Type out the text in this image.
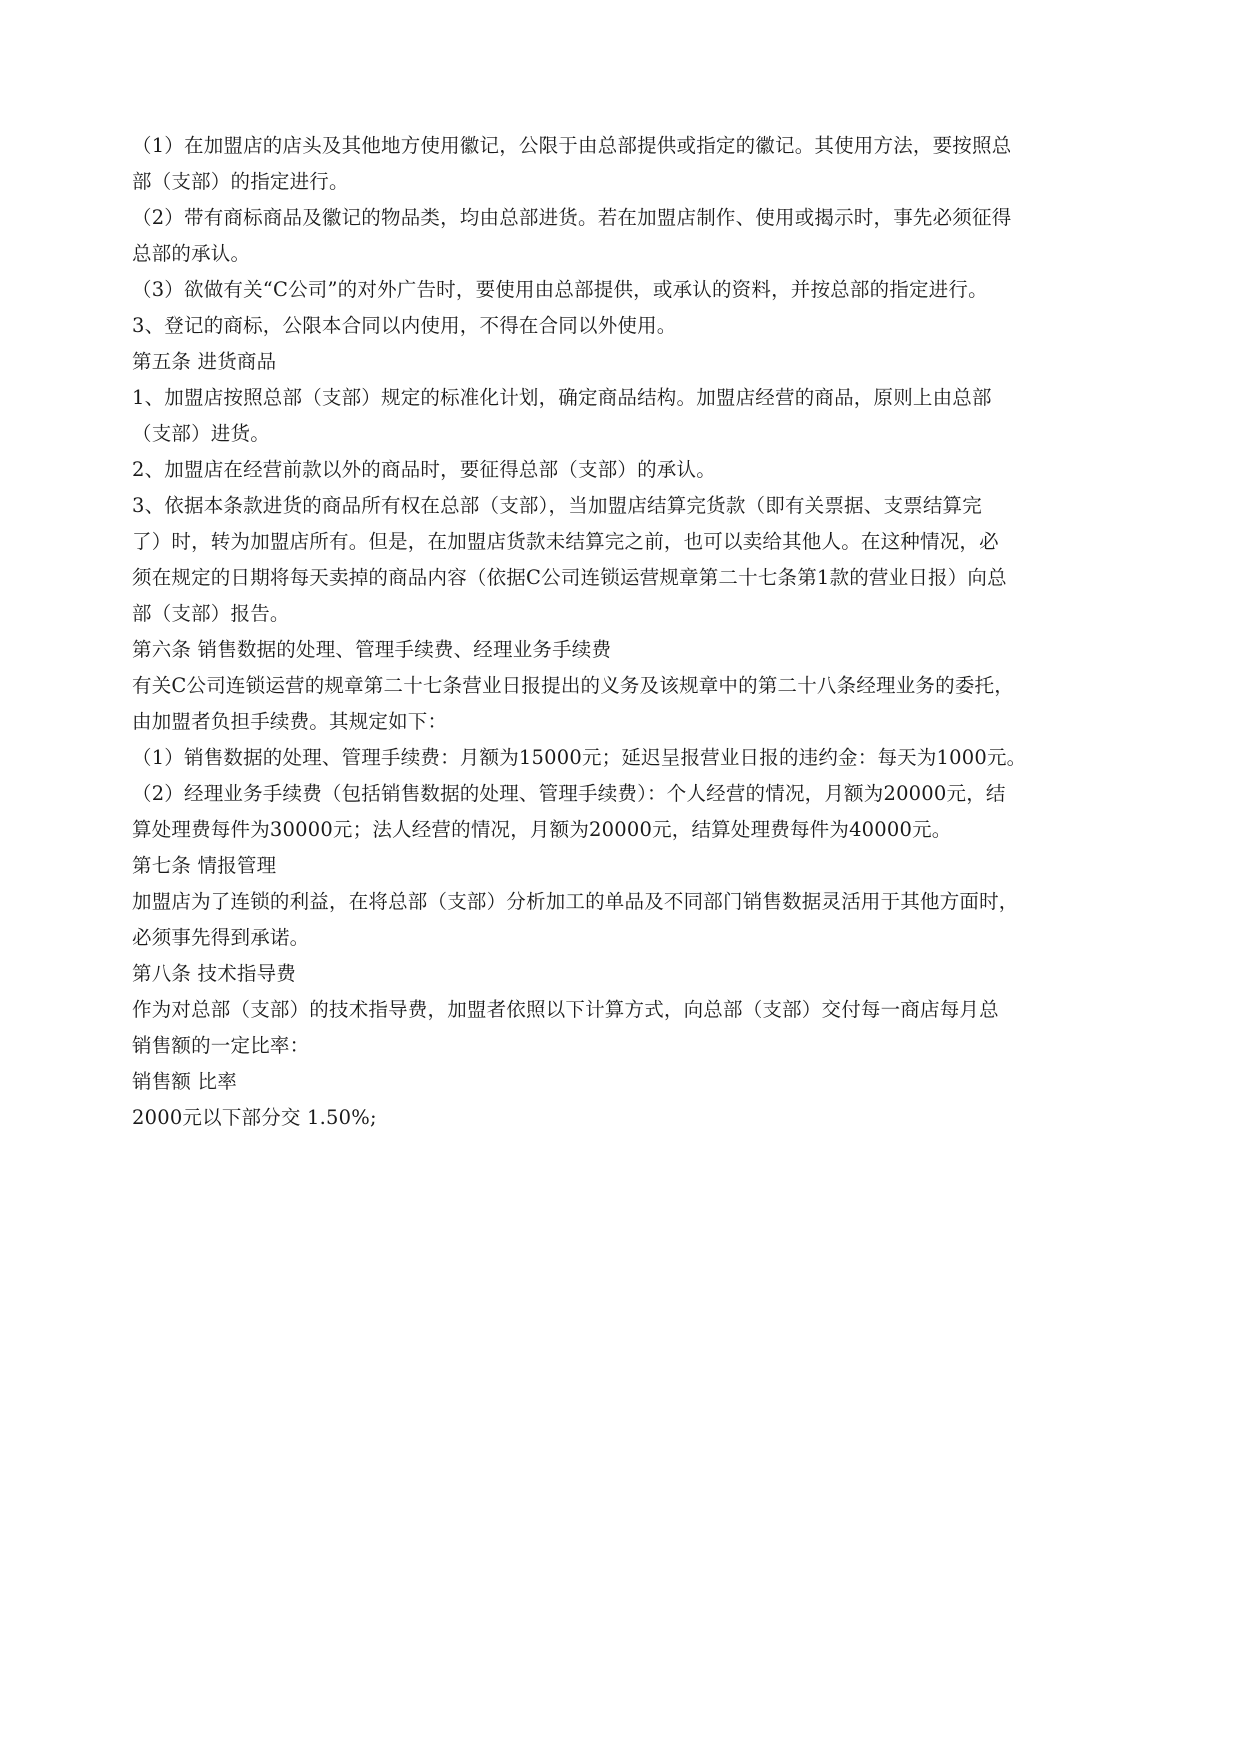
（1）在加盟店的店头及其他地方使用徽记，公限于由总部提供或指定的徽记。其使用方法，要按照总
部（支部）的指定进行。
（2）带有商标商品及徽记的物品类，均由总部进货。若在加盟店制作、使用或揭示时，事先必须征得
总部的承认。
（3）欲做有关“C公司”的对外广告时，要使用由总部提供，或承认的资料，并按总部的指定进行。
3、登记的商标，公限本合同以内使用，不得在合同以外使用。
第五条 进货商品
1、加盟店按照总部（支部）规定的标准化计划，确定商品结构。加盟店经营的商品，原则上由总部
（支部）进货。
2、加盟店在经营前款以外的商品时，要征得总部（支部）的承认。
3、依据本条款进货的商品所有权在总部（支部），当加盟店结算完货款（即有关票据、支票结算完
了）时，转为加盟店所有。但是，在加盟店货款未结算完之前，也可以卖给其他人。在这种情况，必
须在规定的日期将每天卖掉的商品内容（依据C公司连锁运营规章第二十七条第1款的营业日报）向总
部（支部）报告。
第六条 销售数据的处理、管理手续费、经理业务手续费
有关C公司连锁运营的规章第二十七条营业日报提出的义务及该规章中的第二十八条经理业务的委托，
由加盟者负担手续费。其规定如下：
（1）销售数据的处理、管理手续费：月额为15000元；延迟呈报营业日报的违约金：每天为1000元。
（2）经理业务手续费（包括销售数据的处理、管理手续费）：个人经营的情况，月额为20000元，结
算处理费每件为30000元；法人经营的情况，月额为20000元，结算处理费每件为40000元。
第七条 情报管理
加盟店为了连锁的利益，在将总部（支部）分析加工的单品及不同部门销售数据灵活用于其他方面时，
必须事先得到承诺。
第八条 技术指导费
作为对总部（支部）的技术指导费，加盟者依照以下计算方式，向总部（支部）交付每一商店每月总
销售额的一定比率：
销售额 比率
2000元以下部分交 1.50%;
